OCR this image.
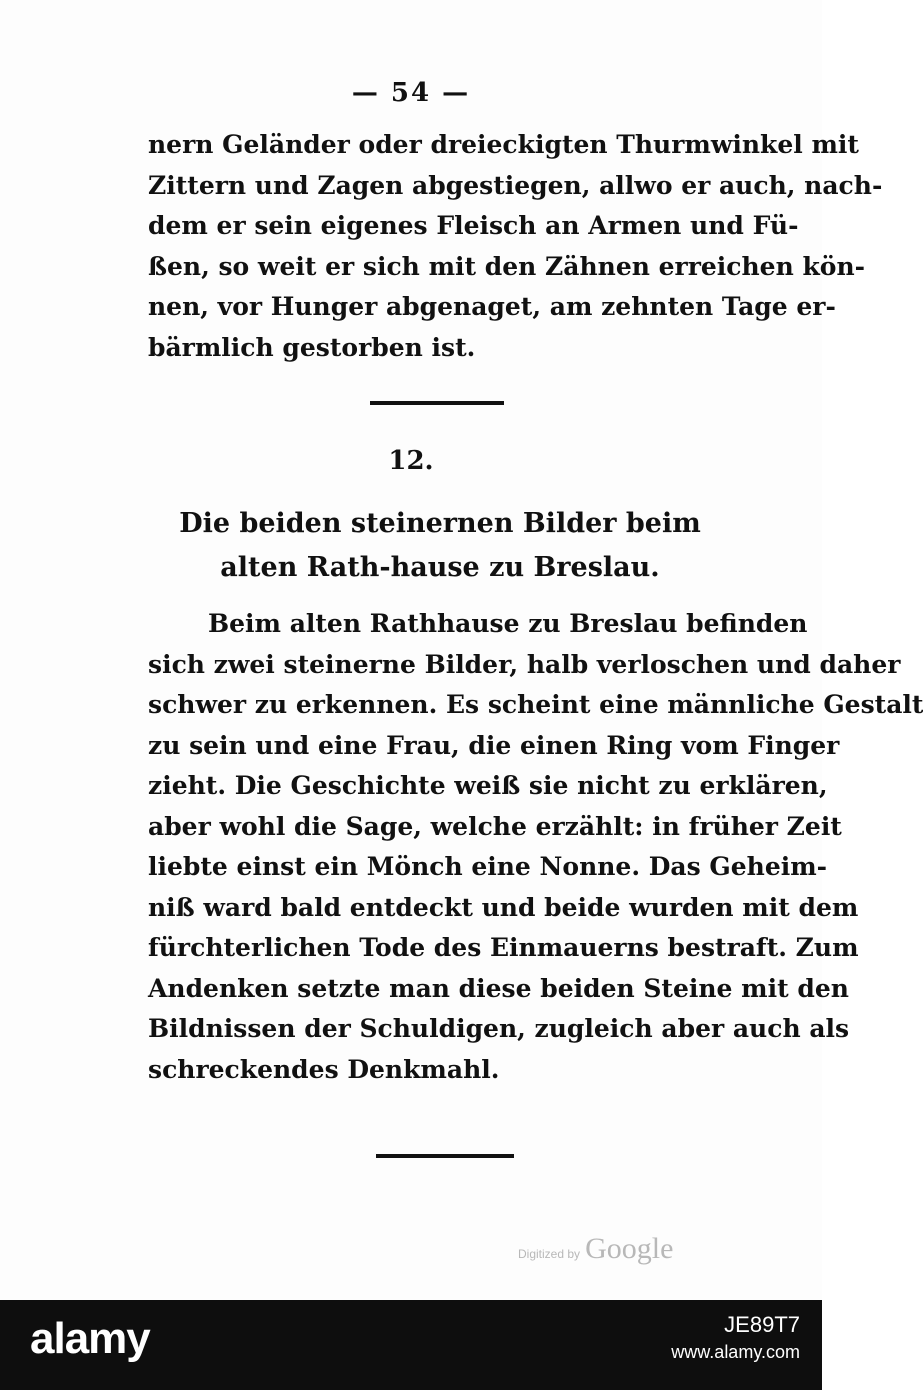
— 54 —
nern Geländer oder dreieckigten Thurmwinkel mit
Zittern und Zagen abgestiegen, allwo er auch, nach-
dem er sein eigenes Fleisch an Armen und Fü-
ßen, so weit er sich mit den Zähnen erreichen kön-
nen, vor Hunger abgenaget, am zehnten Tage er-
bärmlich gestorben ist.
12.
Die beiden steinernen Bilder beim alten Rath-hause zu Breslau.
Beim alten Rathhause zu Breslau befinden
sich zwei steinerne Bilder, halb verloschen und daher
schwer zu erkennen. Es scheint eine männliche Gestalt
zu sein und eine Frau, die einen Ring vom Finger
zieht. Die Geschichte weiß sie nicht zu erklären,
aber wohl die Sage, welche erzählt: in früher Zeit
liebte einst ein Mönch eine Nonne. Das Geheim-
niß ward bald entdeckt und beide wurden mit dem
fürchterlichen Tode des Einmauerns bestraft. Zum
Andenken setzte man diese beiden Steine mit den
Bildnissen der Schuldigen, zugleich aber auch als
schreckendes Denkmahl.
Digitized by Google
alamy	JE89T7
www.alamy.com
